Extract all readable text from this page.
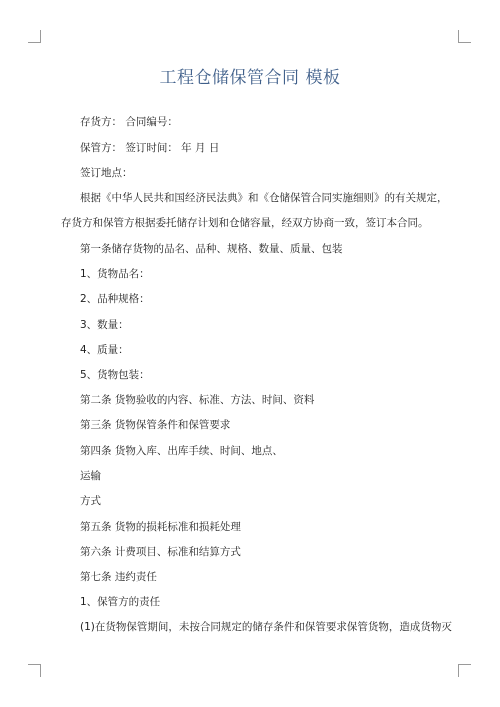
工程仓储保管合同 模板
存货方： 合同编号：
保管方： 签订时间： 年 月 日
签订地点：
根据《中华人民共和国经济民法典》和《仓储保管合同实施细则》的有关规定，
存货方和保管方根据委托储存计划和仓储容量，经双方协商一致，签订本合同。
第一条储存货物的品名、品种、规格、数量、质量、包装
1、货物品名：
2、品种规格：
3、数量：
4、质量：
5、货物包装：
第二条 货物验收的内容、标准、方法、时间、资料
第三条 货物保管条件和保管要求
第四条 货物入库、出库手续、时间、地点、
运输
方式
第五条 货物的损耗标准和损耗处理
第六条 计费项目、标准和结算方式
第七条 违约责任
1、保管方的责任
(1)在货物保管期间，未按合同规定的储存条件和保管要求保管货物，造成货物灭
